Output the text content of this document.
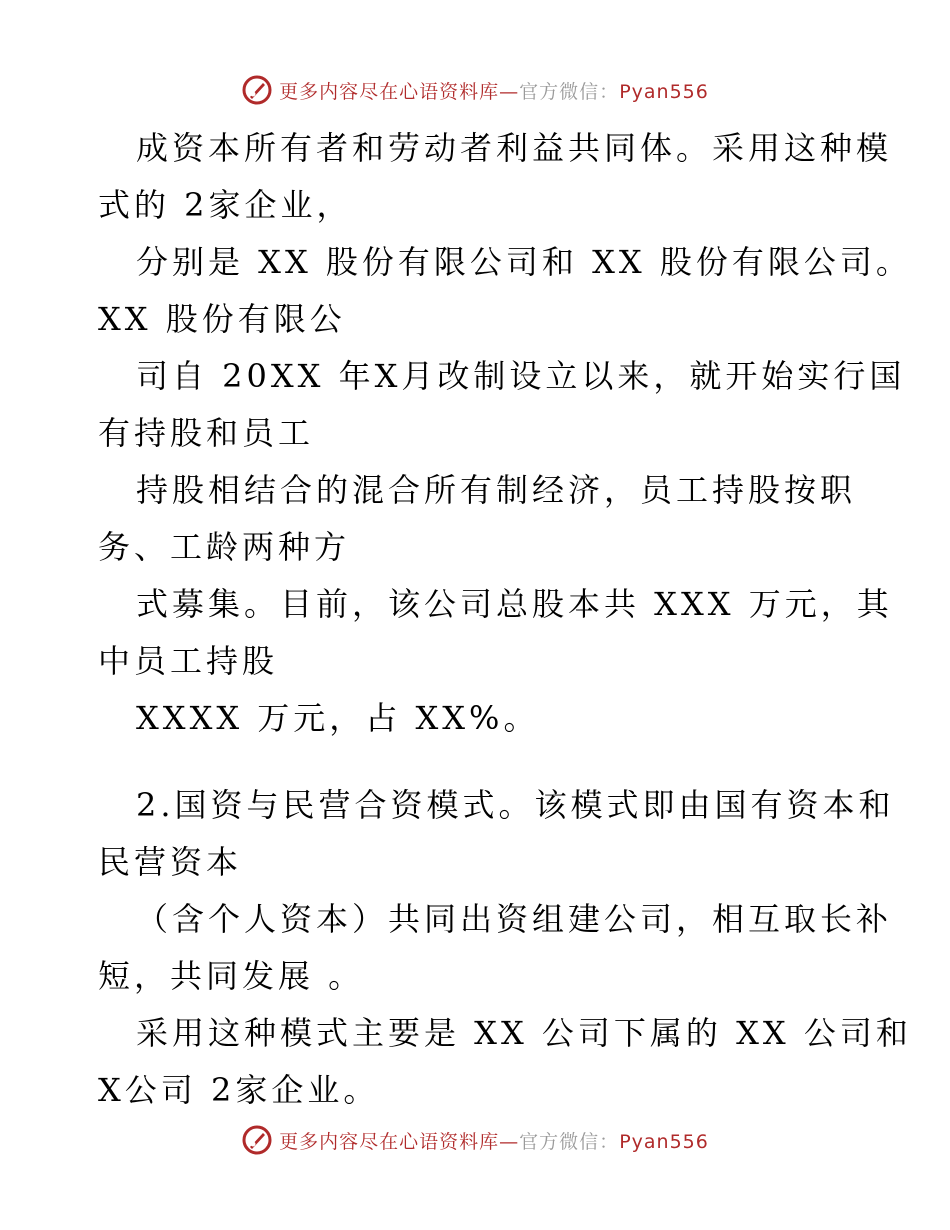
更多内容尽在心语资料库—官方微信：Pyan556
成资本所有者和劳动者利益共同体。采用这种模
式的 2家企业，
分别是 XX 股份有限公司和 XX 股份有限公司。
XX 股份有限公
司自 20XX 年X月改制设立以来，就开始实行国
有持股和员工
持股相结合的混合所有制经济，员工持股按职
务、工龄两种方
式募集。目前，该公司总股本共 XXX 万元，其
中员工持股
XXXX 万元，占 XX%。
2.国资与民营合资模式。该模式即由国有资本和
民营资本
（含个人资本）共同出资组建公司，相互取长补
短，共同发展 。
采用这种模式主要是 XX 公司下属的 XX 公司和
X公司 2家企业。
更多内容尽在心语资料库—官方微信：Pyan556
